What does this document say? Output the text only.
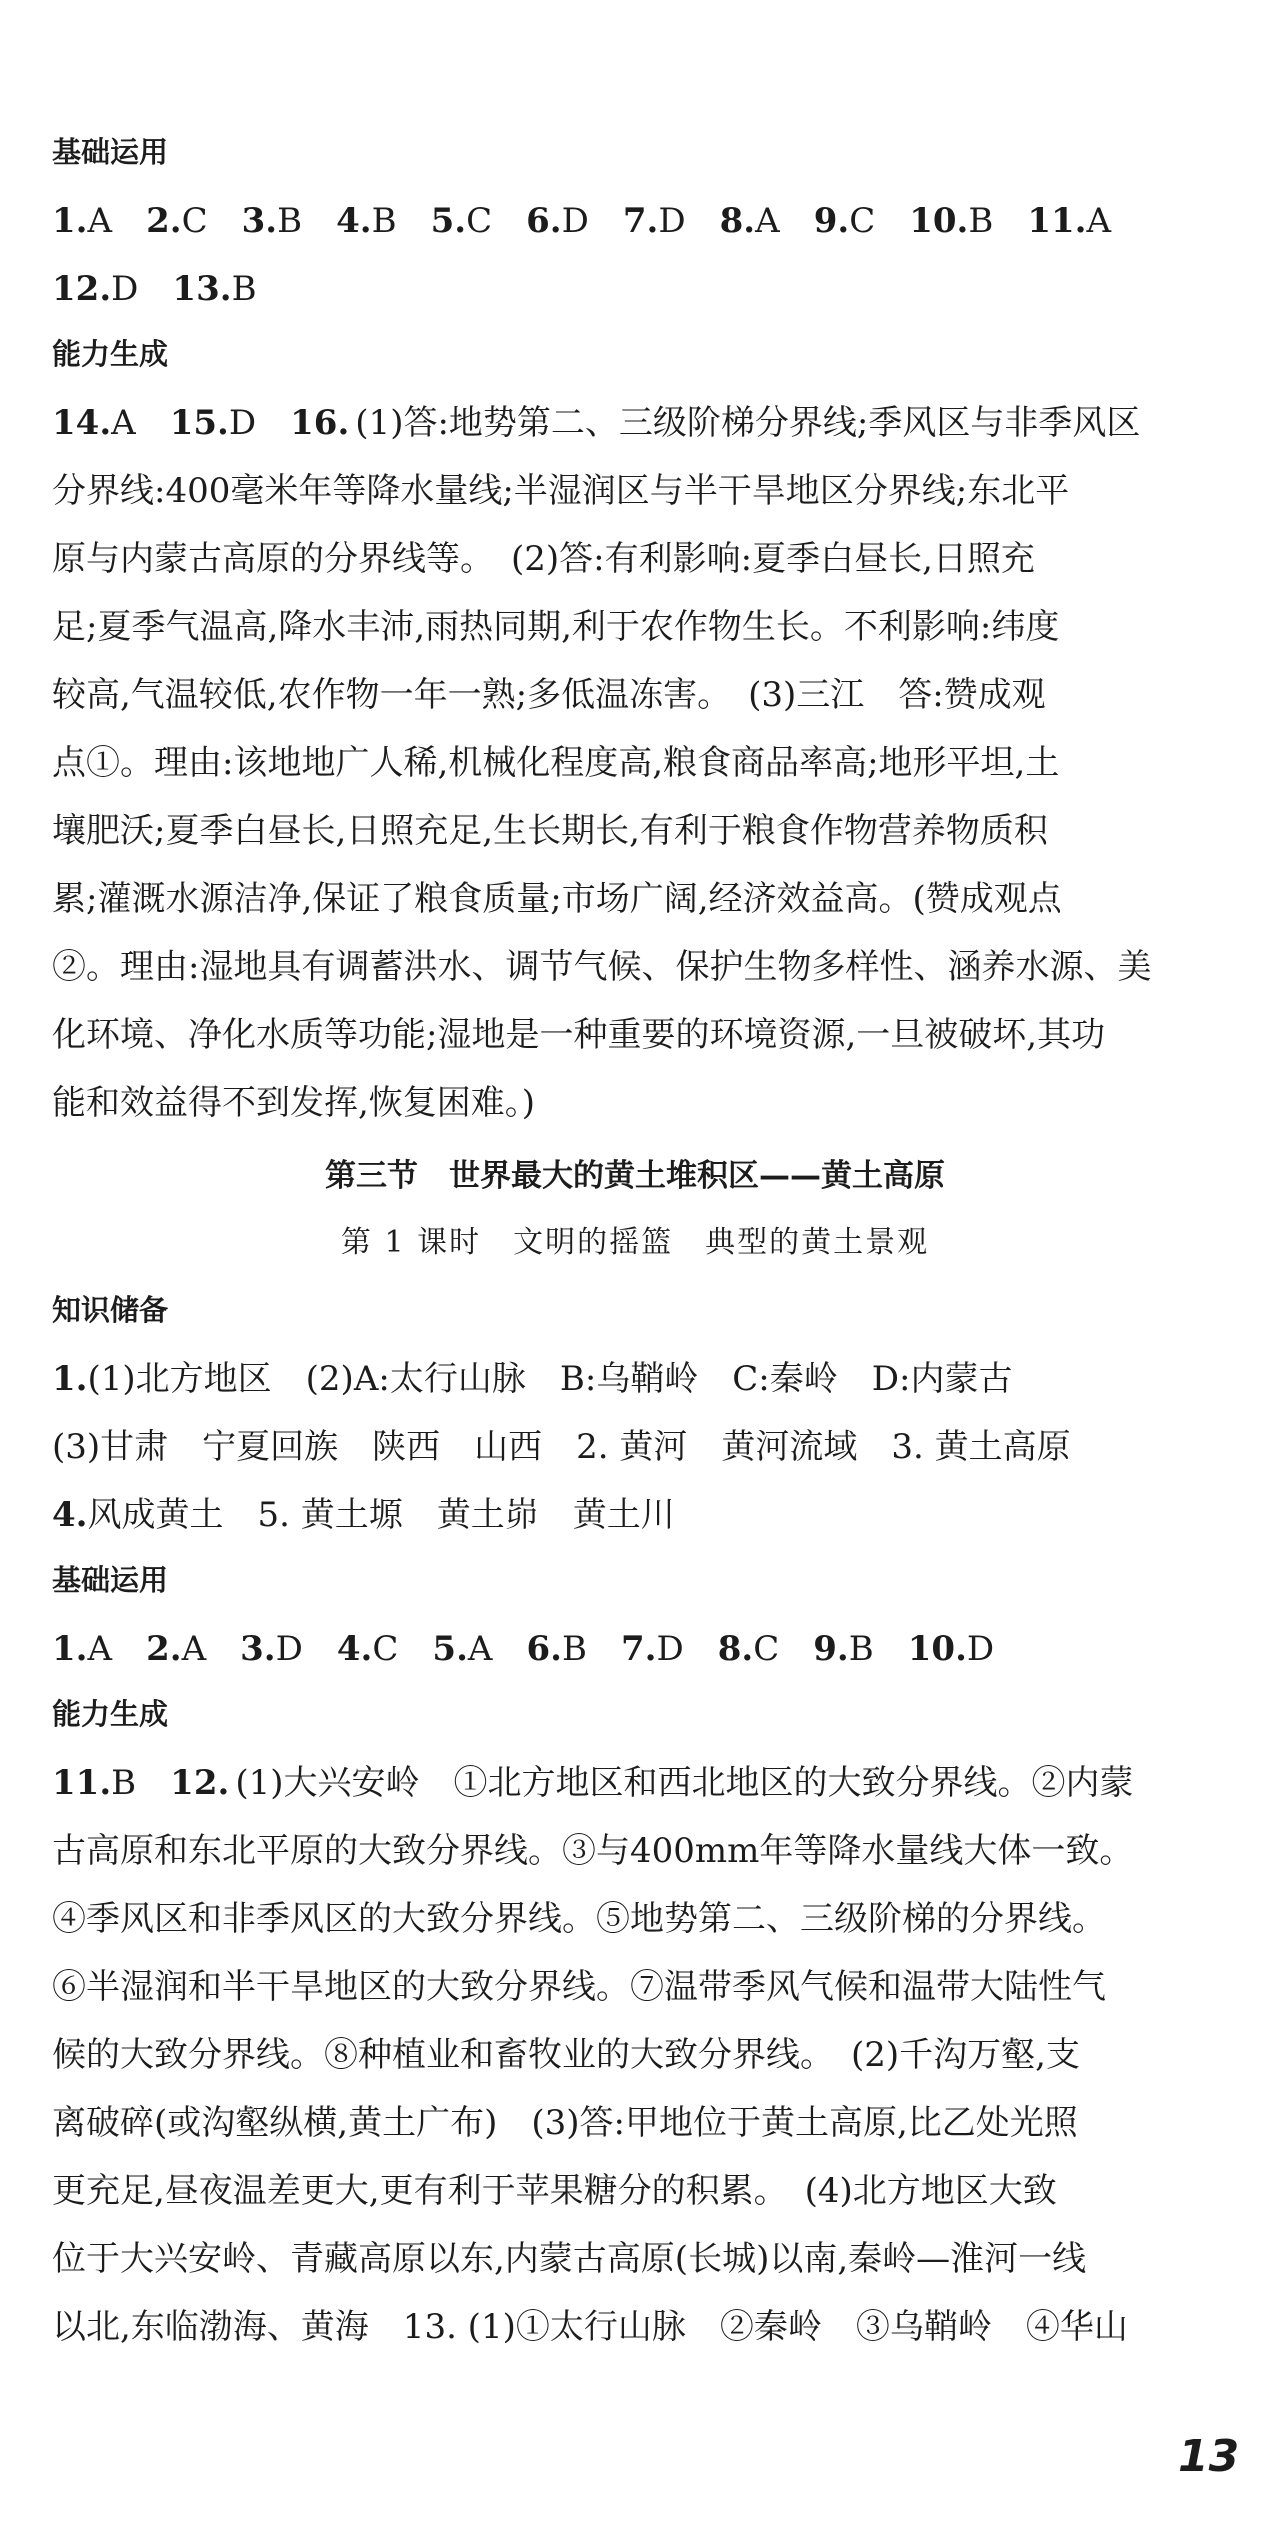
基础运用
1.A 2.C 3.B 4.B 5.C 6.D 7.D 8.A 9.C 10.B 11.A
12.D 13.B
能力生成
14.A 15.D 16. (1)答:地势第二、三级阶梯分界线;季风区与非季风区
分界线:400毫米年等降水量线;半湿润区与半干旱地区分界线;东北平
原与内蒙古高原的分界线等。　(2)答:有利影响:夏季白昼长,日照充
足;夏季气温高,降水丰沛,雨热同期,利于农作物生长。不利影响:纬度
较高,气温较低,农作物一年一熟;多低温冻害。　(3)三江　答:赞成观
点①。理由:该地地广人稀,机械化程度高,粮食商品率高;地形平坦,土
壤肥沃;夏季白昼长,日照充足,生长期长,有利于粮食作物营养物质积
累;灌溉水源洁净,保证了粮食质量;市场广阔,经济效益高。(赞成观点
②。理由:湿地具有调蓄洪水、调节气候、保护生物多样性、涵养水源、美
化环境、净化水质等功能;湿地是一种重要的环境资源,一旦被破坏,其功
能和效益得不到发挥,恢复困难。)
第三节　世界最大的黄土堆积区——黄土高原
第 1 课时　文明的摇篮　典型的黄土景观
知识储备
1.(1)北方地区　(2)A:太行山脉　B:乌鞘岭　C:秦岭　D:内蒙古
(3)甘肃　宁夏回族　陕西　山西　2. 黄河　黄河流域　3. 黄土高原
4.风成黄土　5. 黄土塬　黄土峁　黄土川
基础运用
1.A 2.A 3.D 4.C 5.A 6.B 7.D 8.C 9.B 10.D
能力生成
11.B 12. (1)大兴安岭　①北方地区和西北地区的大致分界线。②内蒙
古高原和东北平原的大致分界线。③与400mm年等降水量线大体一致。
④季风区和非季风区的大致分界线。⑤地势第二、三级阶梯的分界线。
⑥半湿润和半干旱地区的大致分界线。⑦温带季风气候和温带大陆性气
候的大致分界线。⑧种植业和畜牧业的大致分界线。　(2)千沟万壑,支
离破碎(或沟壑纵横,黄土广布)　(3)答:甲地位于黄土高原,比乙处光照
更充足,昼夜温差更大,更有利于苹果糖分的积累。　(4)北方地区大致
位于大兴安岭、青藏高原以东,内蒙古高原(长城)以南,秦岭—淮河一线
以北,东临渤海、黄海　13. (1)①太行山脉　②秦岭　③乌鞘岭　④华山
13
